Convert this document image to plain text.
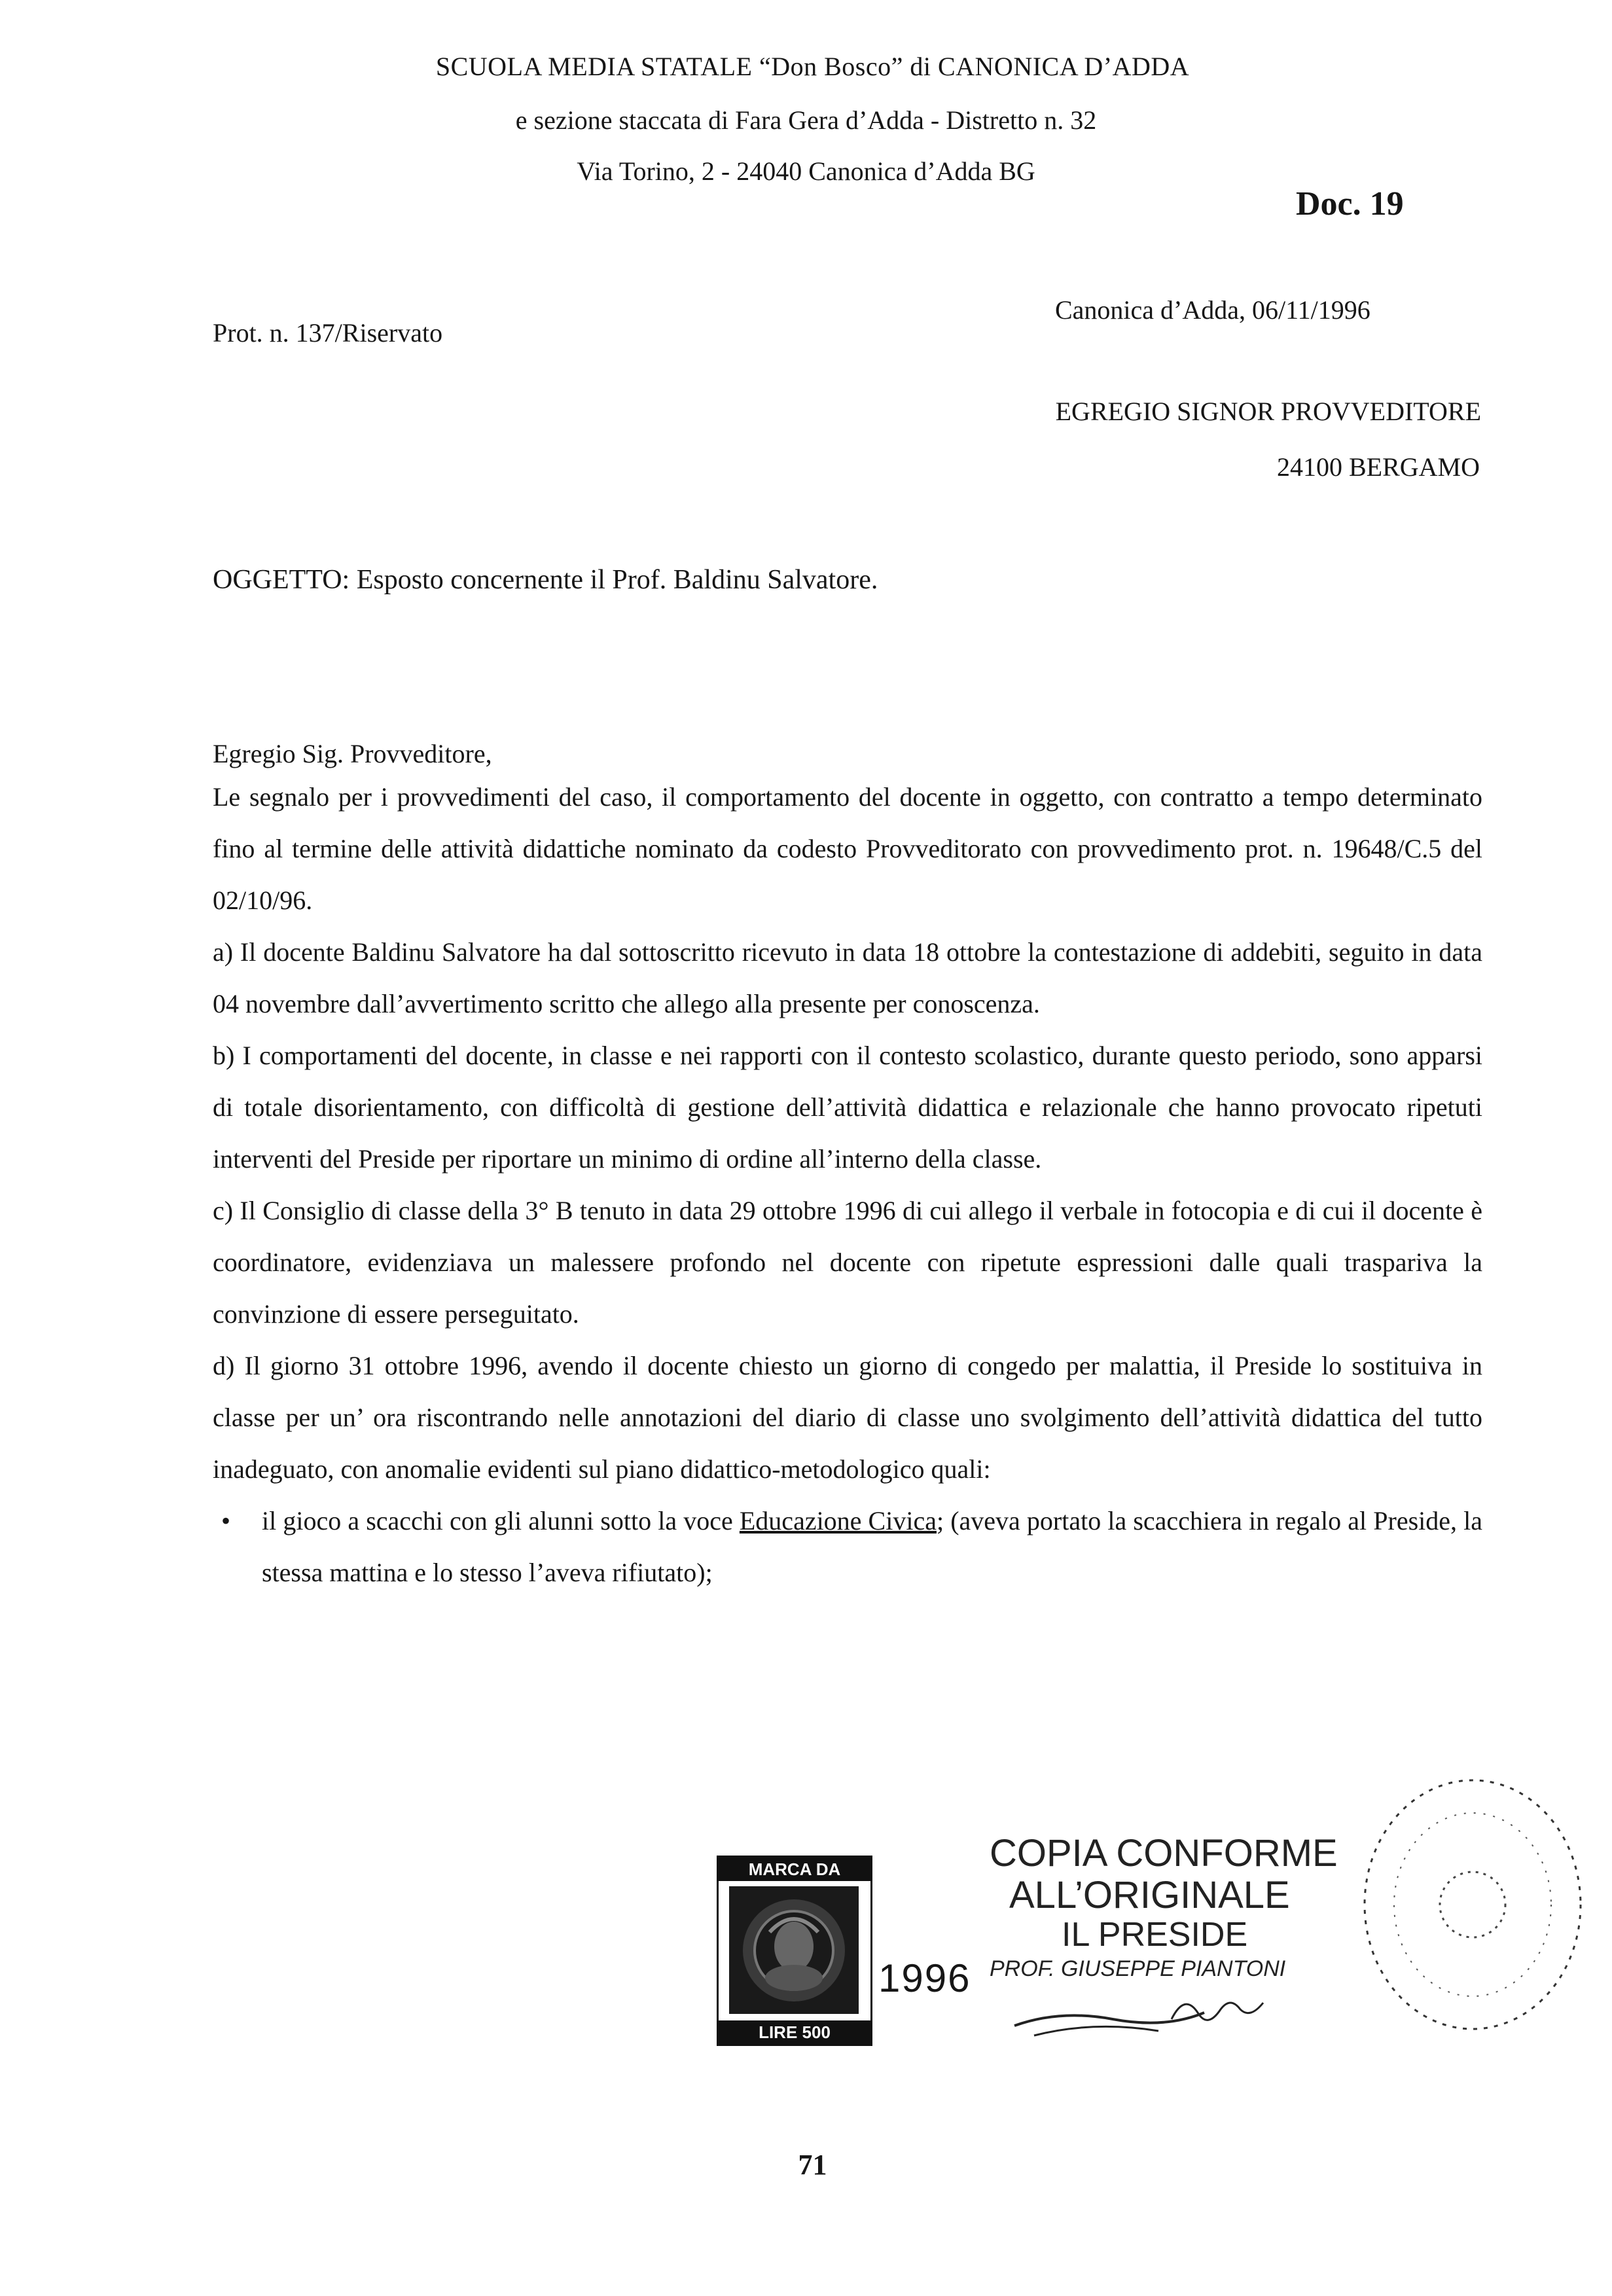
SCUOLA MEDIA STATALE “Don Bosco” di CANONICA D’ADDA
e sezione staccata di Fara Gera d’Adda - Distretto n. 32
Via Torino, 2 - 24040 Canonica d’Adda BG
Doc. 19
Prot. n. 137/Riservato
Canonica d’Adda, 06/11/1996
EGREGIO SIGNOR PROVVEDITORE
24100 BERGAMO
OGGETTO: Esposto concernente il Prof. Baldinu Salvatore.
Egregio Sig. Provveditore,

Le segnalo per i provvedimenti del caso, il comportamento del docente in oggetto, con contratto a tempo determinato fino al termine delle attività didattiche nominato da codesto Provveditorato con provvedimento prot. n. 19648/C.5 del 02/10/96.

a) Il docente Baldinu Salvatore ha dal sottoscritto ricevuto in data 18 ottobre la contestazione di addebiti, seguito in data 04 novembre dall’avvertimento scritto che allego alla presente per conoscenza.

b) I comportamenti del docente, in classe e nei rapporti con il contesto scolastico, durante questo periodo, sono apparsi di totale disorientamento, con difficoltà di gestione dell’attività didattica e relazionale che hanno provocato ripetuti interventi del Preside per riportare un minimo di ordine all’interno della classe.

c) Il Consiglio di classe della 3° B tenuto in data 29 ottobre 1996 di cui allego il verbale in fotocopia e di cui il docente è coordinatore, evidenziava un malessere profondo nel docente con ripetute espressioni dalle quali traspariva la convinzione di essere perseguitato.

d) Il giorno 31 ottobre 1996, avendo il docente chiesto un giorno di congedo per malattia, il Preside lo sostituiva in classe per un’ ora riscontrando nelle annotazioni del diario di classe uno svolgimento dell’attività didattica del tutto inadeguato, con anomalie evidenti sul piano didattico-metodologico quali:

• il gioco a scacchi con gli alunni sotto la voce Educazione Civica; (aveva portato la scacchiera in regalo al Preside, la stessa mattina e lo stesso l’aveva rifiutato);
MARCA DA
LIRE 500
1996
COPIA CONFORME
ALL’ORIGINALE
IL PRESIDE
PROF. GIUSEPPE PIANTONI
71
